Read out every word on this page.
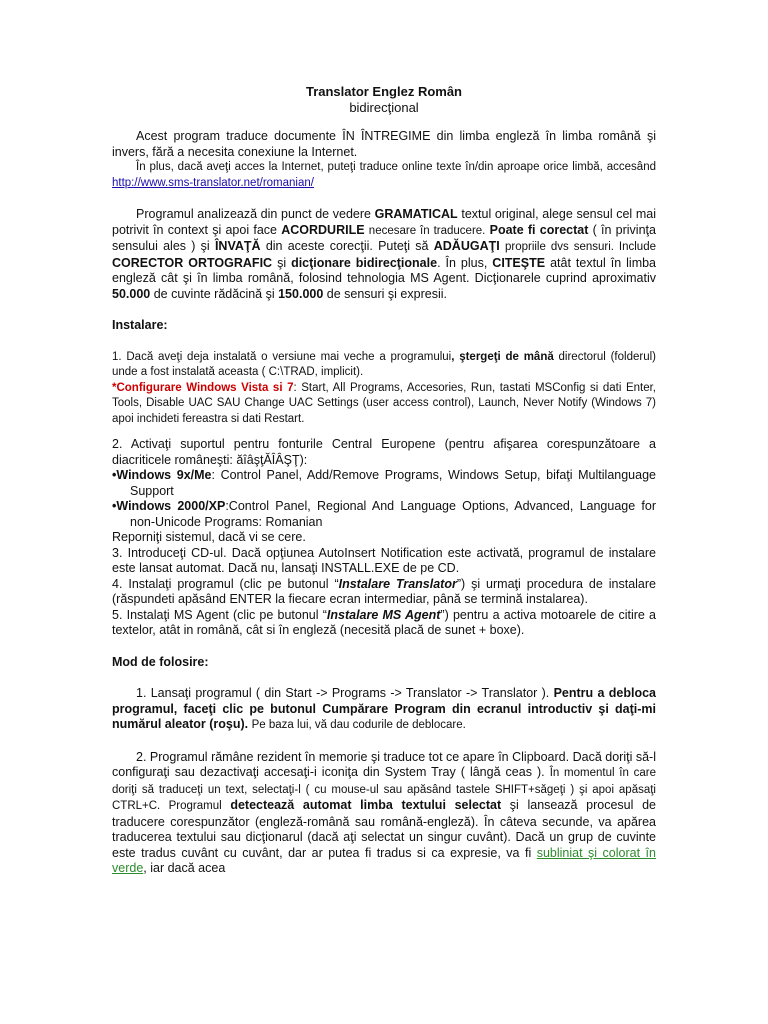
Translator Englez Român

bidirecţional

Acest program traduce documente ÎN ÎNTREGIME din limba engleză în limba română şi invers, fără a necesita conexiune la Internet.

În plus, dacă aveţi acces la Internet, puteţi traduce online texte în/din aproape orice limbă, accesând http://www.sms-translator.net/romanian/

Programul analizează din punct de vedere GRAMATICAL textul original, alege sensul cel mai potrivit în context şi apoi face ACORDURILE necesare în traducere. Poate fi corectat ( în privinţa sensului ales ) şi ÎNVAŢĂ din aceste corecţii. Puteţi să ADĂUGAŢI propriile dvs sensuri. Include CORECTOR ORTOGRAFIC şi dicţionare bidirecţionale. În plus, CITEŞTE atât textul în limba engleză cât şi în limba română, folosind tehnologia MS Agent. Dicţionarele cuprind aproximativ 50.000 de cuvinte rădăcină şi 150.000 de sensuri şi expresii.

Instalare:

1. Dacă aveţi deja instalată o versiune mai veche a programului, ştergeţi de mână directorul (folderul) unde a fost instalată aceasta ( C:\TRAD, implicit).

*Configurare Windows Vista si 7: Start, All Programs, Accesories, Run, tastati MSConfig si dati Enter, Tools, Disable UAC SAU Change UAC Settings (user access control), Launch, Never Notify (Windows 7) apoi inchideti fereastra si dati Restart.

2. Activaţi suportul pentru fonturile Central Europene (pentru afişarea corespunzătoare a diacriticele româneşti: ăîâşţĂÎÂŞŢ):

•Windows 9x/Me: Control Panel, Add/Remove Programs, Windows Setup, bifaţi Multilanguage Support

•Windows 2000/XP:Control Panel, Regional And Language Options, Advanced, Language for non-Unicode Programs: Romanian

Reporniţi sistemul, dacă vi se cere.

3. Introduceţi CD-ul. Dacă opţiunea AutoInsert Notification este activată, programul de instalare este lansat automat. Dacă nu, lansaţi INSTALL.EXE de pe CD.

4. Instalaţi programul (clic pe butonul “Instalare Translator”) şi urmaţi procedura de instalare (răspundeti apăsând ENTER la fiecare ecran intermediar, până se termină instalarea).

5. Instalaţi MS Agent (clic pe butonul “Instalare MS Agent”) pentru a activa motoarele de citire a textelor, atât in română, cât si în engleză (necesită placă de sunet + boxe).

Mod de folosire:

1. Lansaţi programul ( din Start -> Programs -> Translator -> Translator ). Pentru a debloca programul, faceţi clic pe butonul Cumpărare Program din ecranul introductiv şi daţi-mi numărul aleator (roşu). Pe baza lui, vă dau codurile de deblocare.

2. Programul rămâne rezident în memorie şi traduce tot ce apare în Clipboard. Dacă doriţi să-l configuraţi sau dezactivaţi accesaţi-i iconiţa din System Tray ( lângă ceas ). În momentul în care doriţi să traduceţi un text, selectaţi-l ( cu mouse-ul sau apăsând tastele SHIFT+săgeţi ) şi apoi apăsaţi CTRL+C. Programul detectează automat limba textului selectat şi lansează procesul de traducere corespunzător (engleză-română sau română-engleză). În câteva secunde, va apărea traducerea textului sau dicţionarul (dacă aţi selectat un singur cuvânt). Dacă un grup de cuvinte este tradus cuvânt cu cuvânt, dar ar putea fi tradus si ca expresie, va fi subliniat şi colorat în verde, iar dacă acea
